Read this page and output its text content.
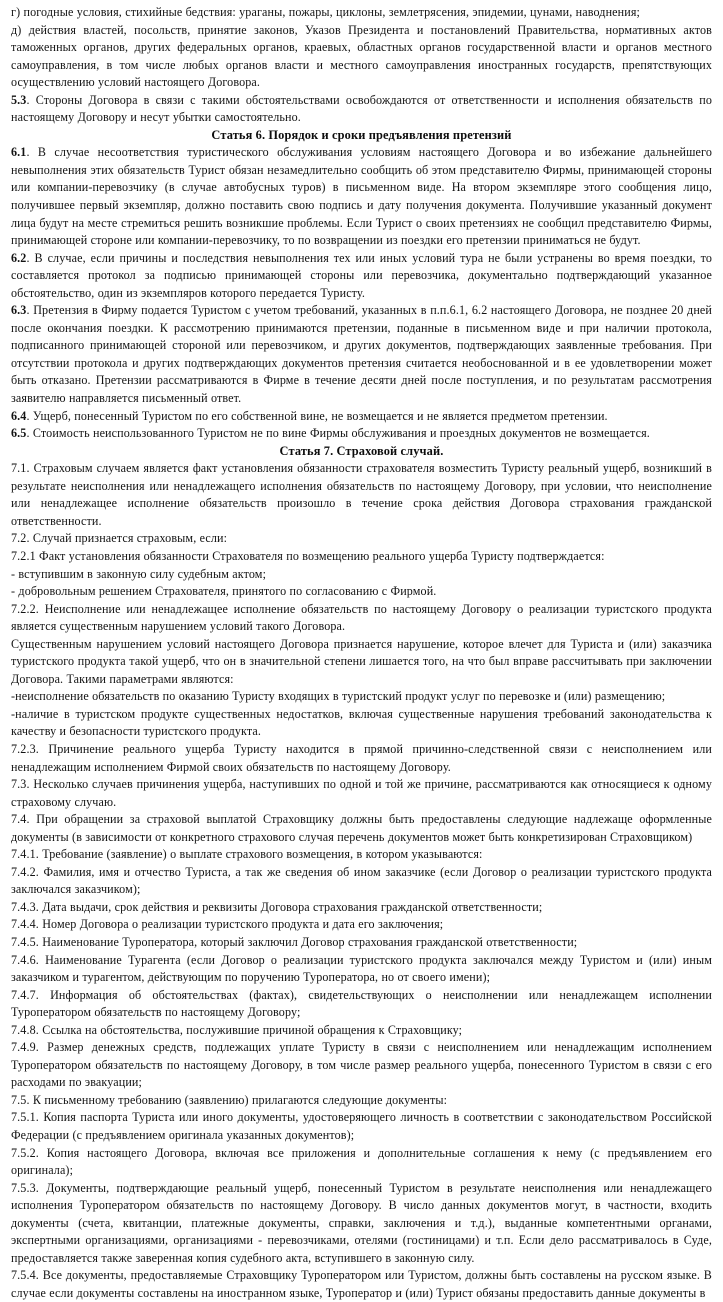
г) погодные условия, стихийные бедствия: ураганы, пожары, циклоны, землетрясения, эпидемии, цунами, наводнения;

д) действия властей, посольств, принятие законов, Указов Президента и постановлений Правительства, нормативных актов таможенных органов, других федеральных органов, краевых, областных органов государственной власти и органов местного самоуправления, в том числе любых органов власти и местного самоуправления иностранных государств, препятствующих осуществлению условий настоящего Договора.

5.3. Стороны Договора в связи с такими обстоятельствами освобождаются от ответственности и исполнения обязательств по настоящему Договору и несут убытки самостоятельно.

Статья 6. Порядок и сроки предъявления претензий

6.1. В случае несоответствия туристического обслуживания условиям настоящего Договора и во избежание дальнейшего невыполнения этих обязательств Турист обязан незамедлительно сообщить об этом представителю Фирмы, принимающей стороны или компании-перевозчику (в случае автобусных туров) в письменном виде. На втором экземпляре этого сообщения лицо, получившее первый экземпляр, должно поставить свою подпись и дату получения документа. Получившие указанный документ лица будут на месте стремиться решить возникшие проблемы. Если Турист о своих претензиях не сообщил представителю Фирмы, принимающей стороне или компании-перевозчику, то по возвращении из поездки его претензии приниматься не будут.

6.2. В случае, если причины и последствия невыполнения тех или иных условий тура не были устранены во время поездки, то составляется протокол за подписью принимающей стороны или перевозчика, документально подтверждающий указанное обстоятельство, один из экземпляров которого передается Туристу.

6.3. Претензия в Фирму подается Туристом с учетом требований, указанных в п.п.6.1, 6.2 настоящего Договора, не позднее 20 дней после окончания поездки. К рассмотрению принимаются претензии, поданные в письменном виде и при наличии протокола, подписанного принимающей стороной или перевозчиком, и других документов, подтверждающих заявленные требования. При отсутствии протокола и других подтверждающих документов претензия считается необоснованной и в ее удовлетворении может быть отказано. Претензии рассматриваются в Фирме в течение десяти дней после поступления, и по результатам рассмотрения заявителю направляется письменный ответ.

6.4. Ущерб, понесенный Туристом по его собственной вине, не возмещается и не является предметом претензии.

6.5. Стоимость неиспользованного Туристом не по вине Фирмы обслуживания и проездных документов не возмещается.

Статья 7. Страховой случай.

7.1. Страховым случаем является факт установления обязанности страхователя возместить Туристу реальный ущерб, возникший в результате неисполнения или ненадлежащего исполнения обязательств по настоящему Договору, при условии, что неисполнение или ненадлежащее исполнение обязательств произошло в течение срока действия Договора страхования гражданской ответственности.

7.2. Случай признается страховым, если:

7.2.1 Факт установления обязанности Страхователя по возмещению реального ущерба Туристу подтверждается:

- вступившим в законную силу судебным актом;

- добровольным решением Страхователя, принятого по согласованию с Фирмой.

7.2.2. Неисполнение или ненадлежащее исполнение обязательств по настоящему Договору о реализации туристского продукта является существенным нарушением условий такого Договора.

Существенным нарушением условий настоящего Договора признается нарушение, которое влечет для Туриста и (или) заказчика туристского продукта такой ущерб, что он в значительной степени лишается того, на что был вправе рассчитывать при заключении Договора. Такими параметрами являются:

-неисполнение обязательств по оказанию Туристу входящих в туристский продукт услуг по перевозке и (или) размещению;

-наличие в туристском продукте существенных недостатков, включая существенные нарушения требований законодательства к качеству и безопасности туристского продукта.

7.2.3. Причинение реального ущерба Туристу находится в прямой причинно-следственной связи с неисполнением или ненадлежащим исполнением Фирмой своих обязательств по настоящему Договору.

7.3. Несколько случаев причинения ущерба, наступивших по одной и той же причине, рассматриваются как относящиеся к одному страховому случаю.

7.4. При обращении за страховой выплатой Страховщику должны быть предоставлены следующие надлежаще оформленные документы (в зависимости от конкретного страхового случая перечень документов может быть конкретизирован Страховщиком)

7.4.1. Требование (заявление) о выплате страхового возмещения, в котором указываются:

7.4.2. Фамилия, имя и отчество Туриста, а так же сведения об ином заказчике (если Договор о реализации туристского продукта заключался заказчиком);

7.4.3. Дата выдачи, срок действия и реквизиты Договора страхования гражданской ответственности;

7.4.4. Номер Договора о реализации туристского продукта и дата его заключения;

7.4.5. Наименование Туроператора, который заключил Договор страхования гражданской ответственности;

7.4.6. Наименование Турагента (если Договор о реализации туристского продукта заключался между Туристом и (или) иным заказчиком и турагентом, действующим по поручению Туроператора, но от своего имени);

7.4.7. Информация об обстоятельствах (фактах), свидетельствующих о неисполнении или ненадлежащем исполнении Туроператором обязательств по настоящему Договору;

7.4.8. Ссылка на обстоятельства, послужившие причиной обращения к Страховщику;

7.4.9. Размер денежных средств, подлежащих уплате Туристу в связи с неисполнением или ненадлежащим исполнением Туроператором обязательств по настоящему Договору, в том числе размер реального ущерба, понесенного Туристом в связи с его расходами по эвакуации;

7.5. К письменному требованию (заявлению) прилагаются следующие документы:

7.5.1. Копия паспорта Туриста или иного документы, удостоверяющего личность в соответствии с законодательством Российской Федерации (с предъявлением оригинала указанных документов);

7.5.2. Копия настоящего Договора, включая все приложения и дополнительные соглашения к нему (с предъявлением его оригинала);

7.5.3. Документы, подтверждающие реальный ущерб, понесенный Туристом в результате неисполнения или ненадлежащего исполнения Туроператором обязательств по настоящему Договору. В число данных документов могут, в частности, входить документы (счета, квитанции, платежные документы, справки, заключения и т.д.), выданные компетентными органами, экспертными организациями, организациями - перевозчиками, отелями (гостиницами) и т.п. Если дело рассматривалось в Суде, предоставляется также заверенная копия судебного акта, вступившего в законную силу.

7.5.4. Все документы, предоставляемые Страховщику Туроператором или Туристом, должны быть составлены на русском языке. В случае если документы составлены на иностранном языке, Туроператор и (или) Турист обязаны предоставить данные документы в
